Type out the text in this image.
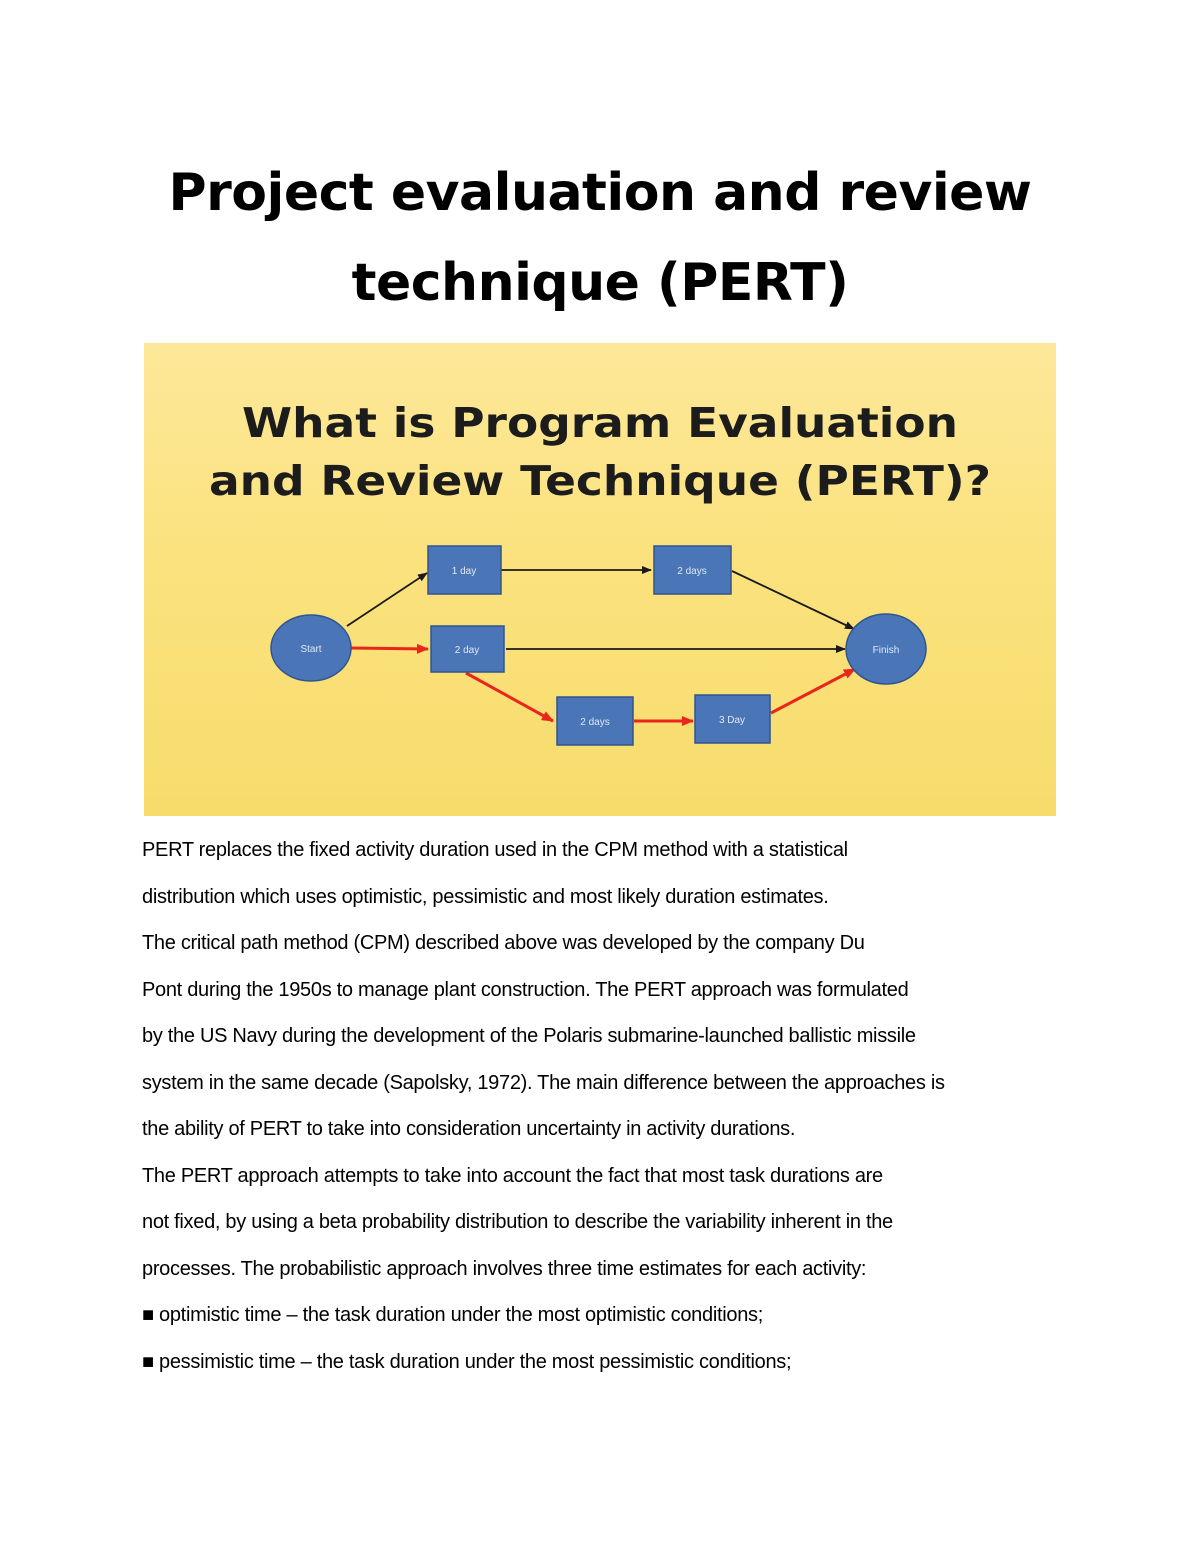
Project evaluation and review
technique (PERT)
What is Program Evaluation
and Review Technique (PERT)?
Start
1 day	2 days
2 day
2 days	3 Day
Finish
PERT replaces the fixed activity duration used in the CPM method with a statistical
distribution which uses optimistic, pessimistic and most likely duration estimates.
The critical path method (CPM) described above was developed by the company Du
Pont during the 1950s to manage plant construction. The PERT approach was formulated
by the US Navy during the development of the Polaris submarine-launched ballistic missile
system in the same decade (Sapolsky, 1972). The main difference between the approaches is
the ability of PERT to take into consideration uncertainty in activity durations.
The PERT approach attempts to take into account the fact that most task durations are
not fixed, by using a beta probability distribution to describe the variability inherent in the
processes. The probabilistic approach involves three time estimates for each activity:
■ optimistic time – the task duration under the most optimistic conditions;
■ pessimistic time – the task duration under the most pessimistic conditions;
